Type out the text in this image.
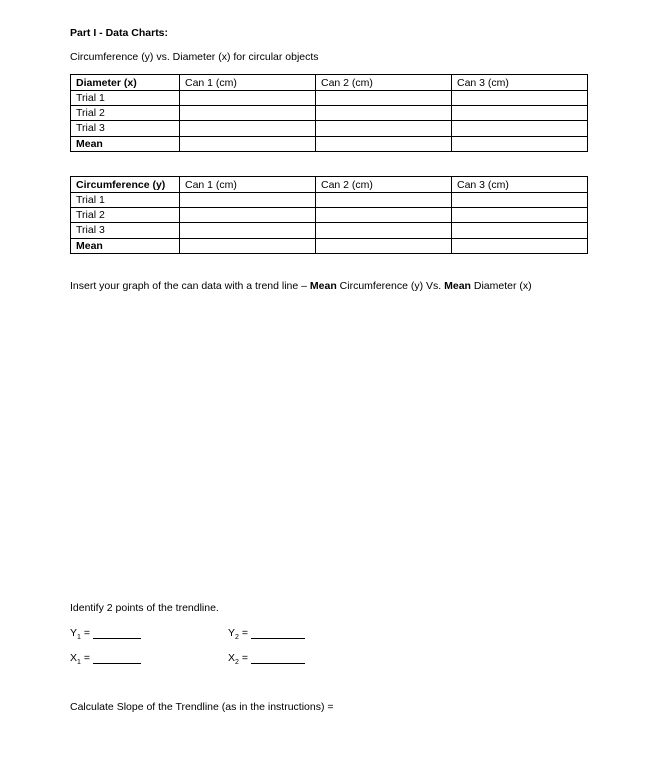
Part I - Data Charts:
Circumference (y) vs. Diameter (x) for circular objects
Diameter (x)	Can 1 (cm)	Can 2 (cm)	Can 3 (cm)
Trial 1			
Trial 2			
Trial 3			
Mean			
Circumference (y)	Can 1 (cm)	Can 2 (cm)	Can 3 (cm)
Trial 1			
Trial 2			
Trial 3			
Mean			
Insert your graph of the can data with a trend line – Mean Circumference (y) Vs. Mean Diameter (x)
Identify 2 points of the trendline.
$Y_1$ =	$Y_2$ =
$X_1$ =	$X_2$ =
Calculate Slope of the Trendline (as in the instructions) =
